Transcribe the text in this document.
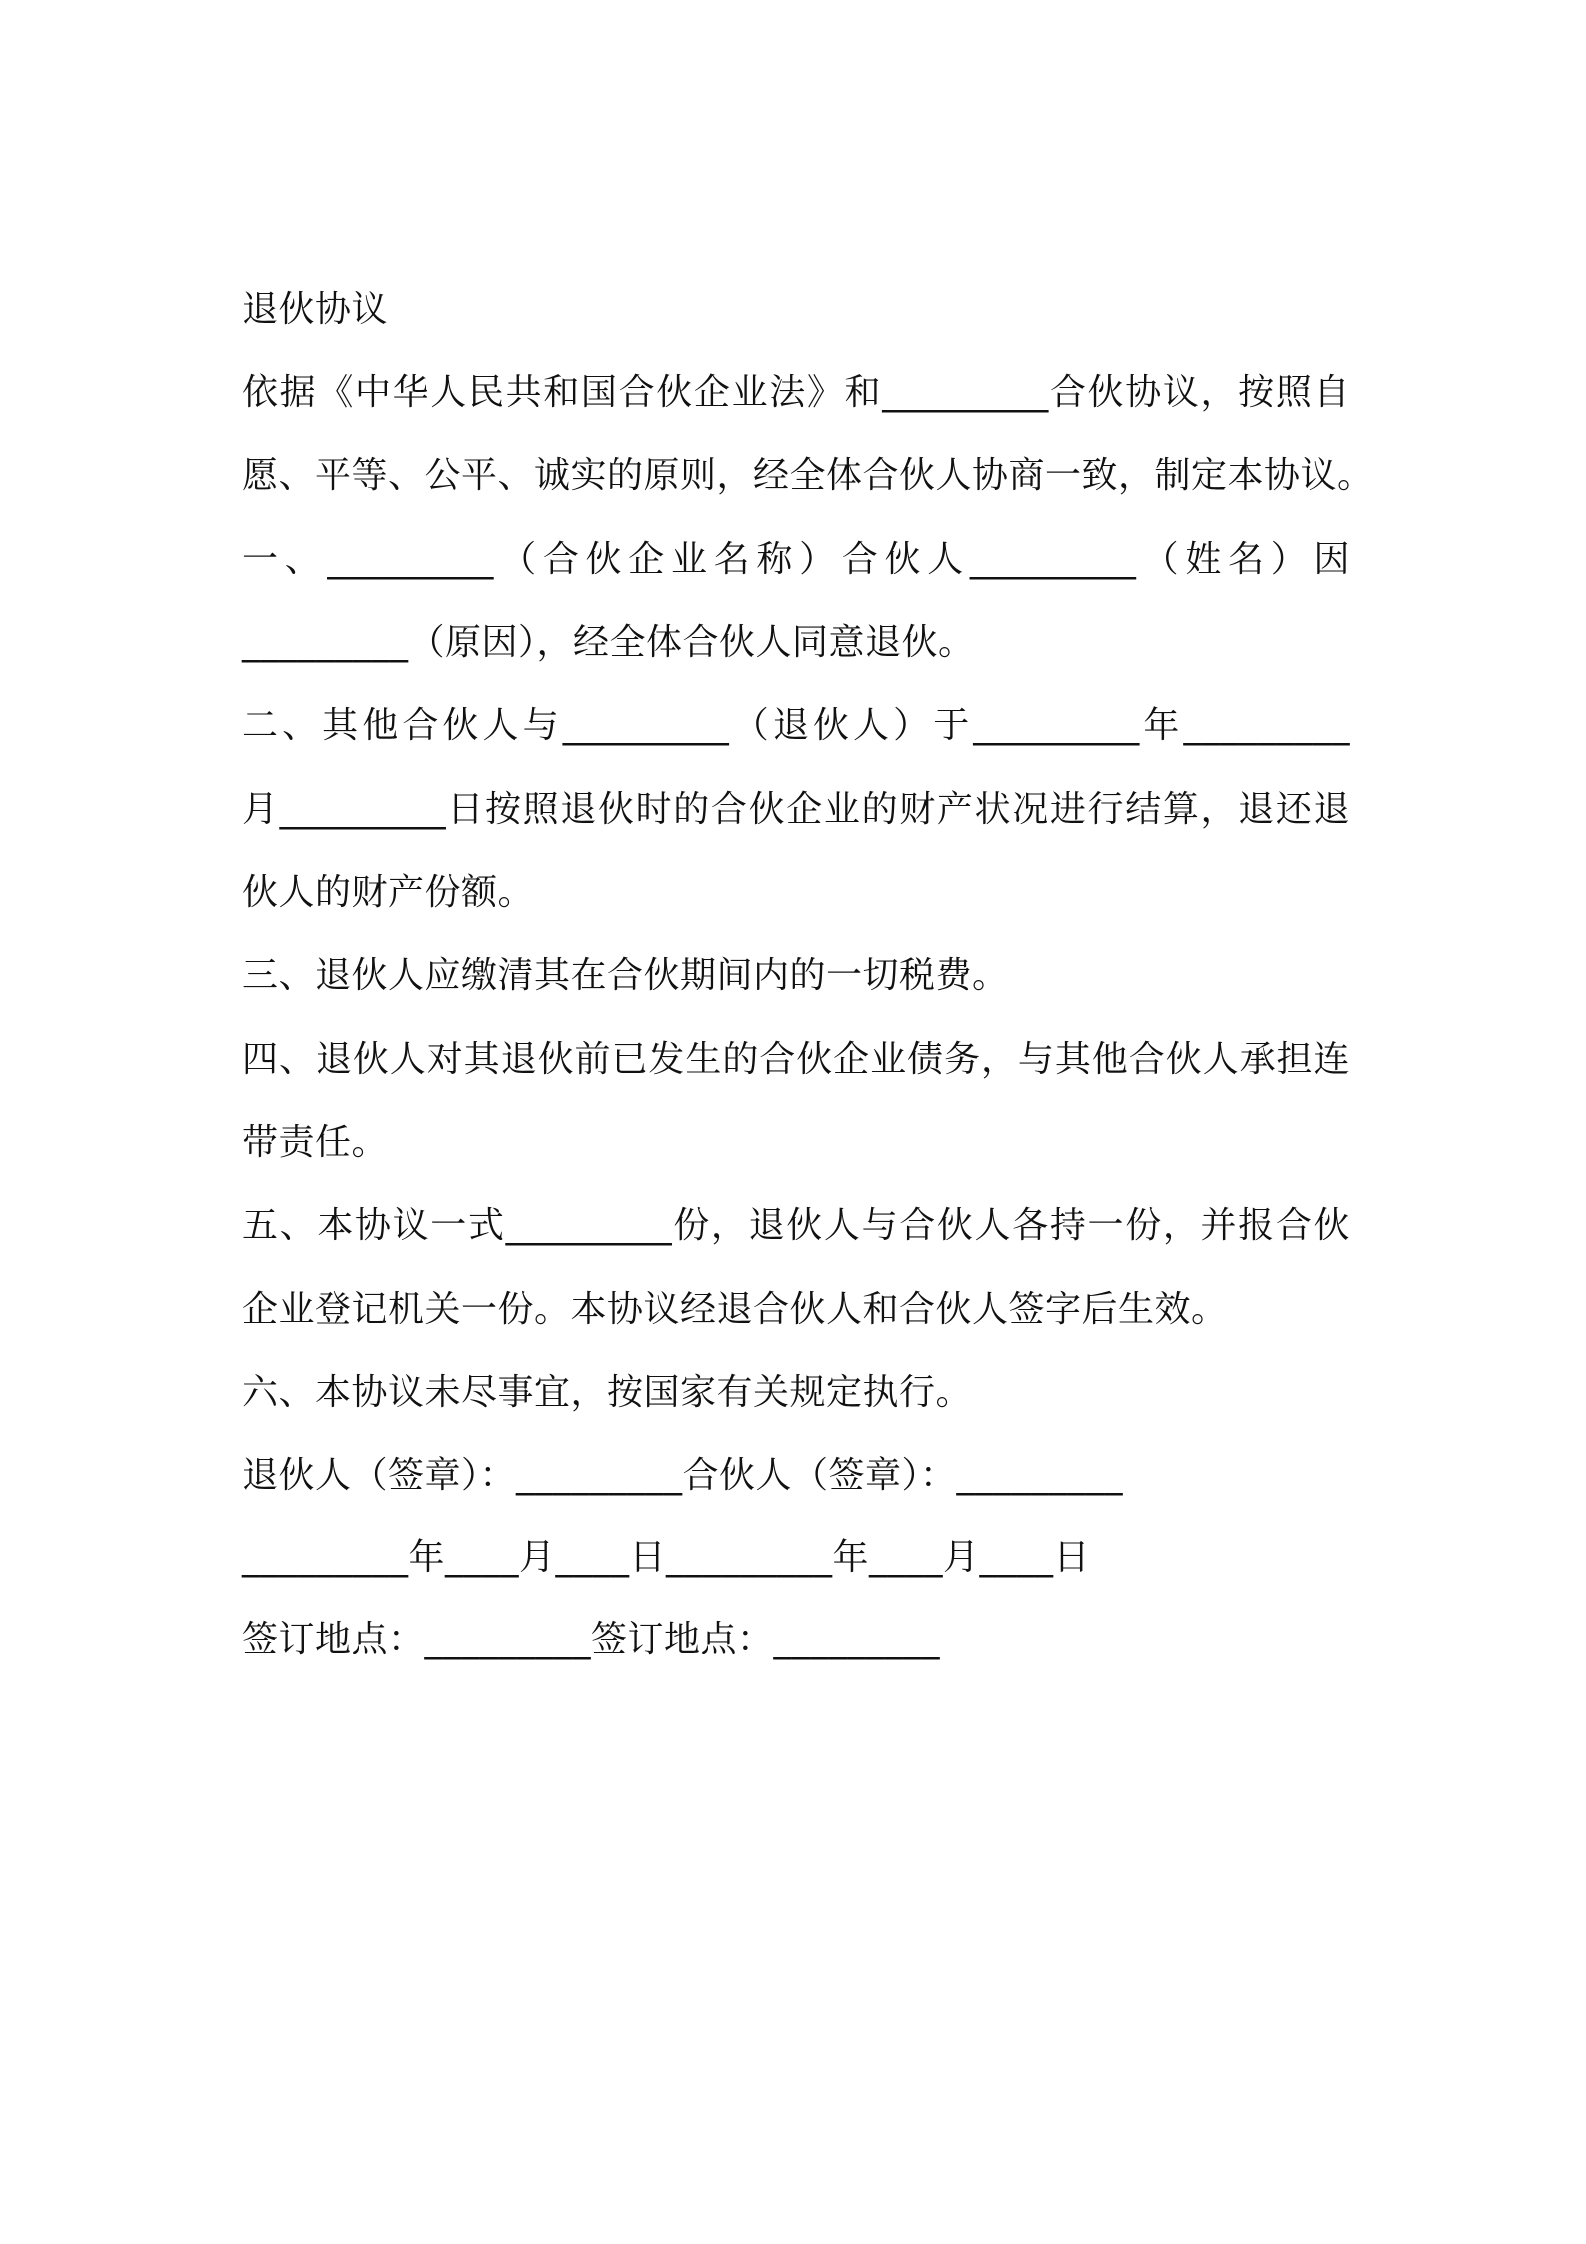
退伙协议

依据《中华人民共和国合伙企业法》和_________合伙协议，按照自

愿、平等、公平、诚实的原则，经全体合伙人协商一致，制定本协议。

一、_________（合伙企业名称）合伙人_________（姓名）因

_________（原因），经全体合伙人同意退伙。

二、其他合伙人与_________（退伙人）于_________年_________

月_________日按照退伙时的合伙企业的财产状况进行结算，退还退

伙人的财产份额。

三、退伙人应缴清其在合伙期间内的一切税费。

四、退伙人对其退伙前已发生的合伙企业债务，与其他合伙人承担连

带责任。

五、本协议一式_________份，退伙人与合伙人各持一份，并报合伙

企业登记机关一份。本协议经退合伙人和合伙人签字后生效。

六、本协议未尽事宜，按国家有关规定执行。

退伙人（签章）：_________合伙人（签章）：_________

_________年____月____日_________年____月____日

签订地点：_________签订地点：_________
